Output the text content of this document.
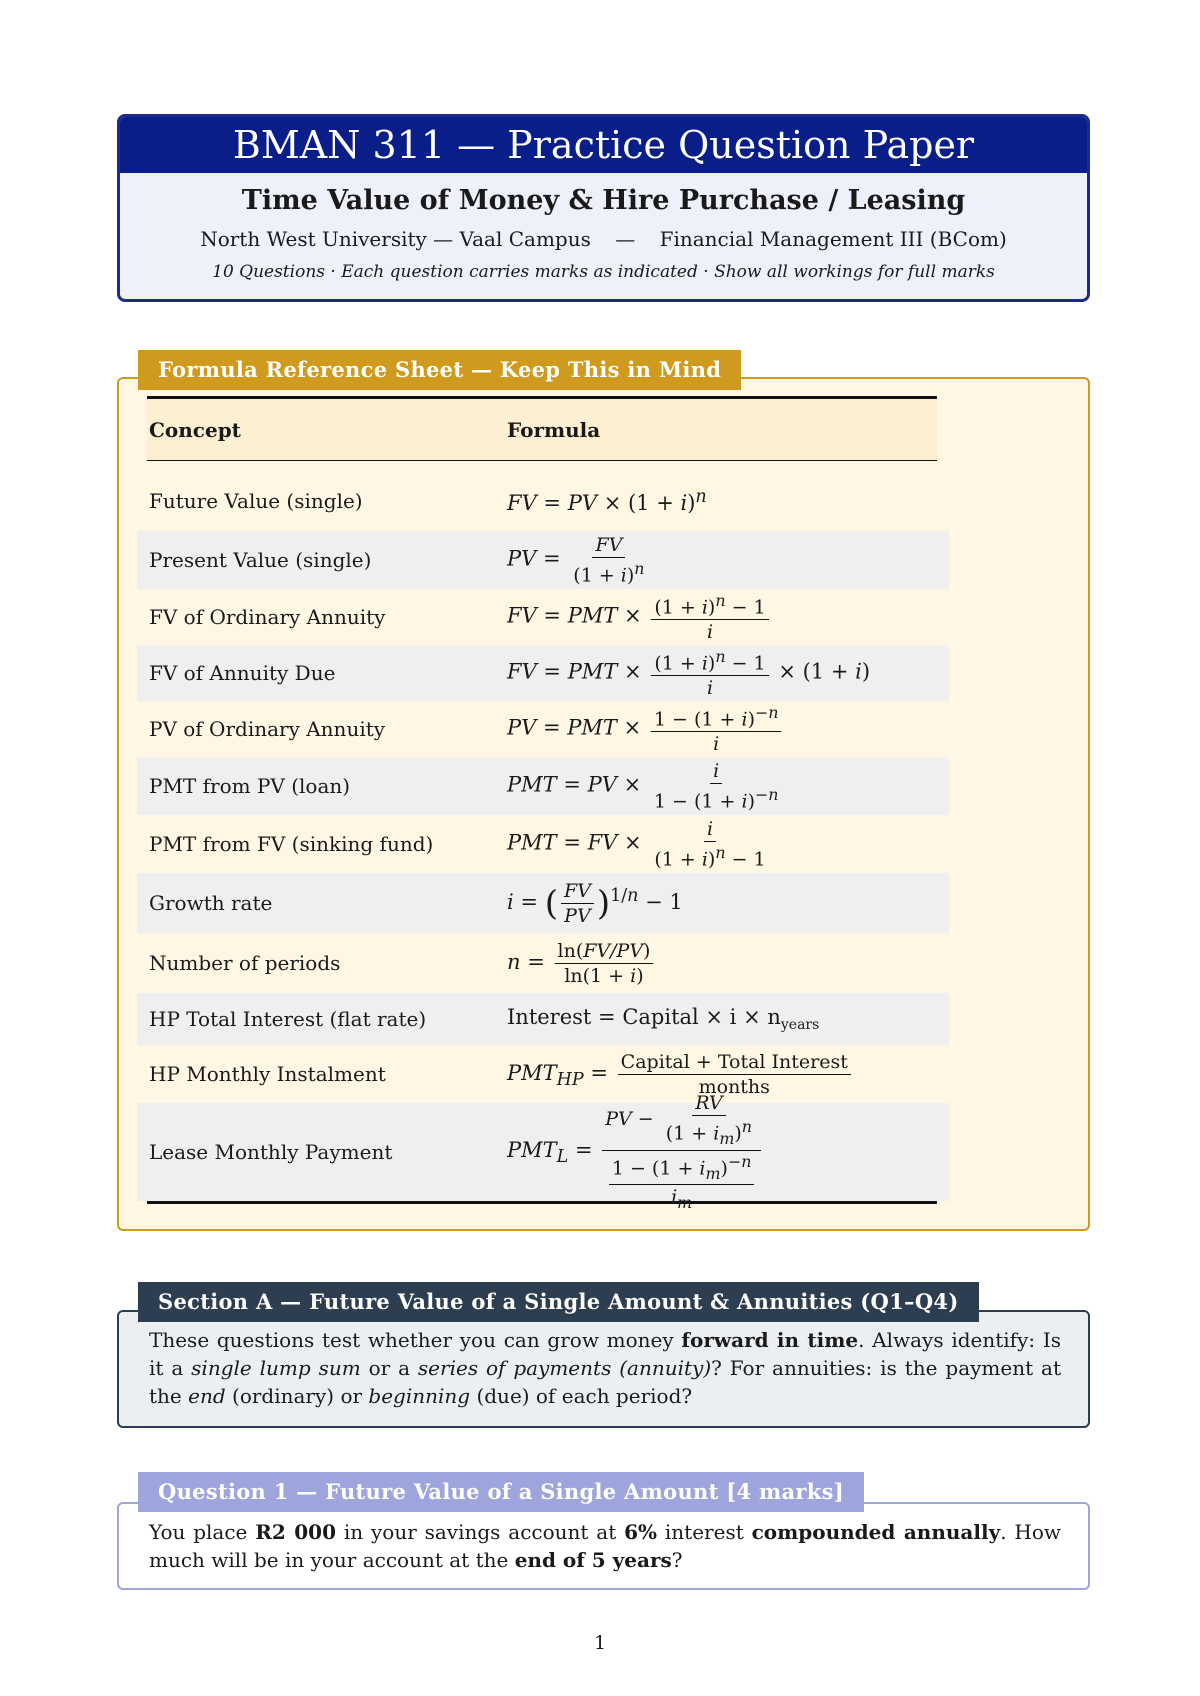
BMAN 311 — Practice Question Paper
Time Value of Money & Hire Purchase / Leasing
North West University — Vaal Campus — Financial Management III (BCom)
10 Questions · Each question carries marks as indicated · Show all workings for full marks
Formula Reference Sheet — Keep This in Mind
Concept	Formula
Future Value (single)	FV = PV × $(1 + i)^n$
Present Value (single)	PV = $\frac{FV}{(1 + i)^n}$
FV of Ordinary Annuity	FV = PMT × $\frac{(1 + i)^n - 1}{i}$
FV of Annuity Due	FV = PMT × $\frac{(1 + i)^n - 1}{i} \times (1 + i)$
PV of Ordinary Annuity	PV = PMT × $\frac{1 - (1 + i)^{-n}}{i}$
PMT from PV (loan)	PMT = PV × $\frac{i}{1 - (1 + i)^{-n}}$
PMT from FV (sinking fund)	PMT = FV × $\frac{i}{(1 + i)^n - 1}$
Growth rate	i = ( $\frac{FV}{PV} )^{1/n} - 1$
Number of periods	$n = \frac{\ln(FV/PV)}{\ln(1 + i)}$
HP Total Interest (flat rate)	Interest = Capital × $i \times n_{years}$
HP Monthly Instalment	$PMT_{HP} = \frac{\text{Capital + Total Interest}}{\text{months}}$
Lease Monthly Payment	$PMT_L = \frac{PV - \frac{RV}{(1 + i_m)^n}}{\frac{1 - (1 + i_m)^{-n}}{i_m}}$
Section A — Future Value of a Single Amount & Annuities (Q1–Q4)
These questions test whether you can grow money forward in time. Always identify: Is it a single lump sum or a series of payments (annuity)? For annuities: is the payment at the end (ordinary) or beginning (due) of each period?
Question 1 — Future Value of a Single Amount [4 marks]
You place R2 000 in your savings account at 6% interest compounded annually. How much will be in your account at the end of 5 years?
1
